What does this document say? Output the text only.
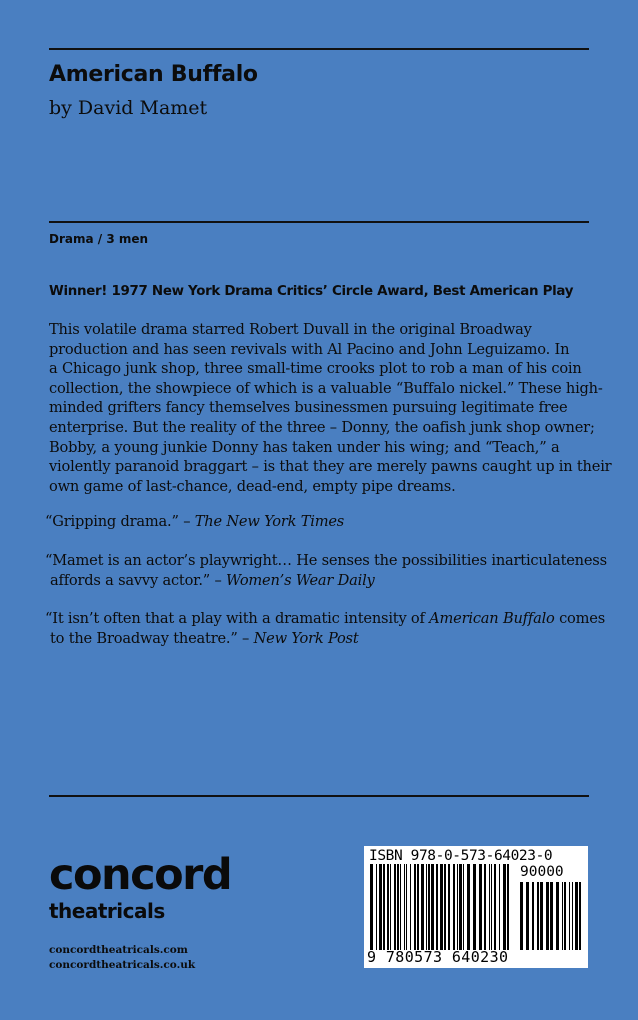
American Buffalo
by David Mamet
Drama / 3 men
Winner! 1977 New York Drama Critics’ Circle Award, Best American Play
This volatile drama starred Robert Duvall in the original Broadway
production and has seen revivals with Al Pacino and John Leguizamo. In
a Chicago junk shop, three small-time crooks plot to rob a man of his coin
collection, the showpiece of which is a valuable “Buffalo nickel.” These high-
minded grifters fancy themselves businessmen pursuing legitimate free
enterprise. But the reality of the three – Donny, the oafish junk shop owner;
Bobby, a young junkie Donny has taken under his wing; and “Teach,” a
violently paranoid braggart – is that they are merely pawns caught up in their
own game of last-chance, dead-end, empty pipe dreams.
“Gripping drama.” – The New York Times
“Mamet is an actor’s playwright… He senses the possibilities inarticulateness
affords a savvy actor.” – Women’s Wear Daily
“It isn’t often that a play with a dramatic intensity of American Buffalo comes
to the Broadway theatre.” – New York Post
concord
theatricals
concordtheatricals.com
concordtheatricals.co.uk
ISBN 978-0-573-64023-0
90000
9 780573 640230
